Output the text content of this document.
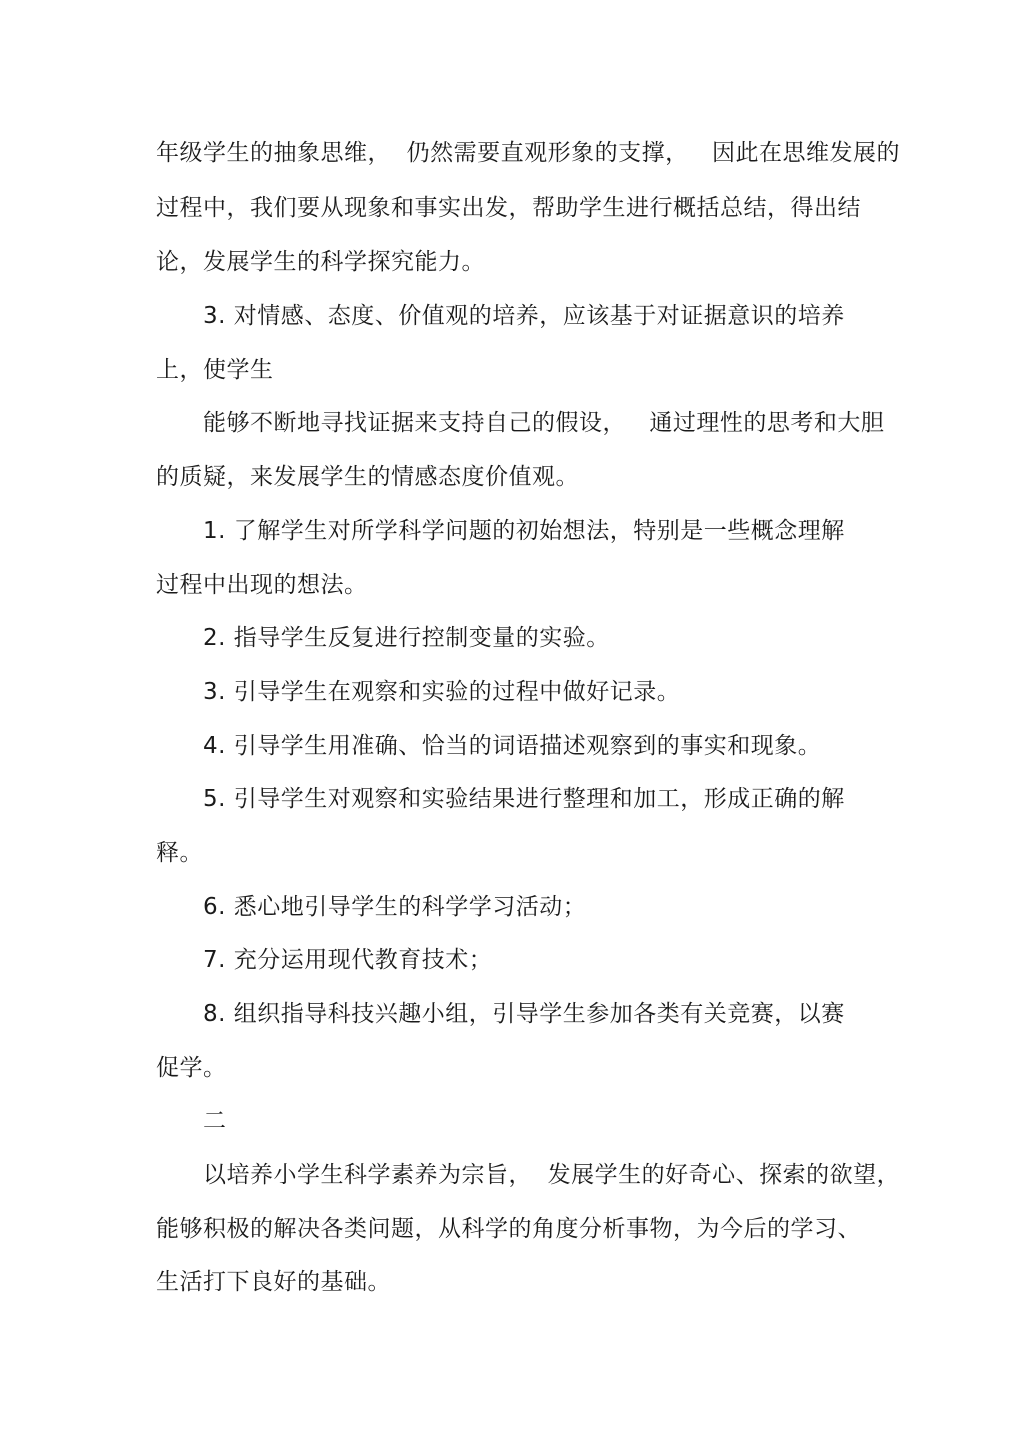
年级学生的抽象思维，  仍然需要直观形象的支撑，   因此在思维发展的
过程中，我们要从现象和事实出发，帮助学生进行概括总结，得出结
论，发展学生的科学探究能力。
3. 对情感、态度、价值观的培养，应该基于对证据意识的培养
上，使学生
能够不断地寻找证据来支持自己的假设，   通过理性的思考和大胆
的质疑，来发展学生的情感态度价值观。
1. 了解学生对所学科学问题的初始想法，特别是一些概念理解
过程中出现的想法。
2. 指导学生反复进行控制变量的实验。
3. 引导学生在观察和实验的过程中做好记录。
4. 引导学生用准确、恰当的词语描述观察到的事实和现象。
5. 引导学生对观察和实验结果进行整理和加工，形成正确的解
释。
6. 悉心地引导学生的科学学习活动；
7. 充分运用现代教育技术；
8. 组织指导科技兴趣小组，引导学生参加各类有关竞赛，以赛
促学。
二
以培养小学生科学素养为宗旨，  发展学生的好奇心、探索的欲望，
能够积极的解决各类问题，从科学的角度分析事物，为今后的学习、
生活打下良好的基础。
